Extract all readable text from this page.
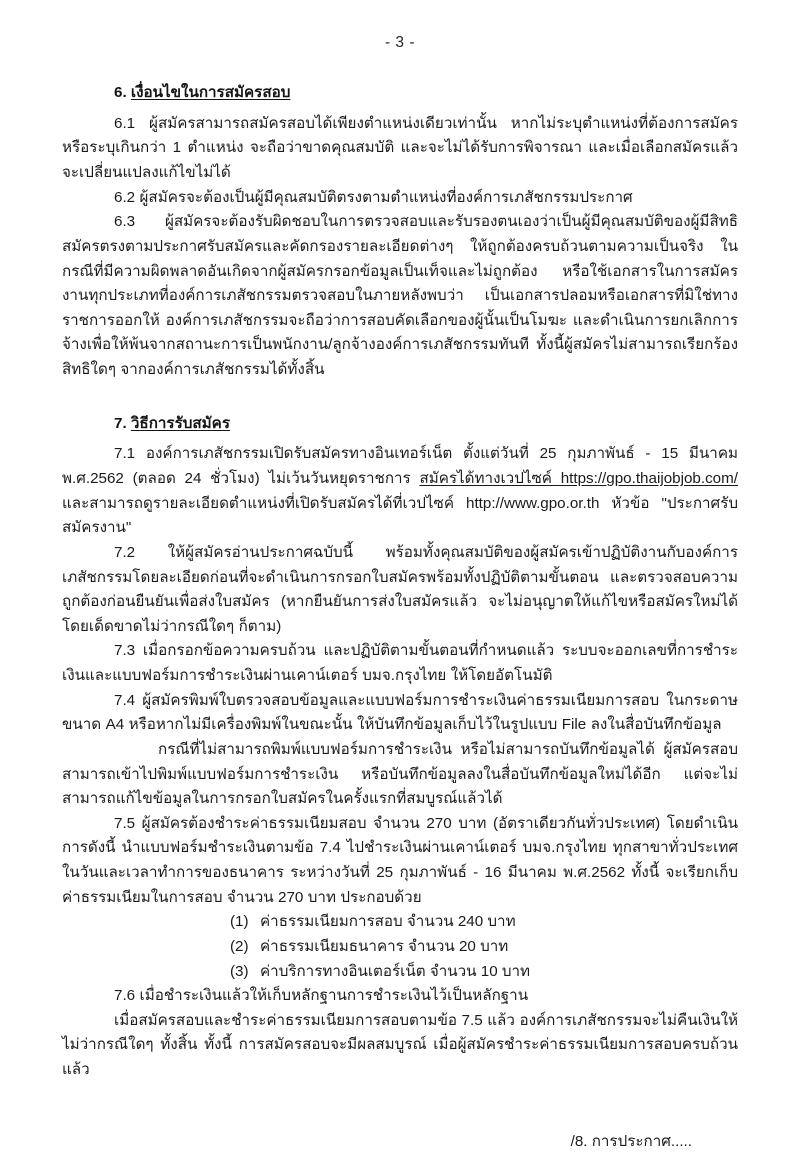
- 3 -
6. เงื่อนไขในการสมัครสอบ

6.1 ผู้สมัครสามารถสมัครสอบได้เพียงตำแหน่งเดียวเท่านั้น หากไม่ระบุตำแหน่งที่ต้องการสมัครหรือระบุเกินกว่า 1 ตำแหน่ง จะถือว่าขาดคุณสมบัติ และจะไม่ได้รับการพิจารณา และเมื่อเลือกสมัครแล้วจะเปลี่ยนแปลงแก้ไขไม่ได้

6.2 ผู้สมัครจะต้องเป็นผู้มีคุณสมบัติตรงตามตำแหน่งที่องค์การเภสัชกรรมประกาศ

6.3 ผู้สมัครจะต้องรับผิดชอบในการตรวจสอบและรับรองตนเองว่าเป็นผู้มีคุณสมบัติของผู้มีสิทธิสมัครตรงตามประกาศรับสมัครและคัดกรองรายละเอียดต่างๆ ให้ถูกต้องครบถ้วนตามความเป็นจริง ในกรณีที่มีความผิดพลาดอันเกิดจากผู้สมัครกรอกข้อมูลเป็นเท็จและไม่ถูกต้อง หรือใช้เอกสารในการสมัครงานทุกประเภทที่องค์การเภสัชกรรมตรวจสอบในภายหลังพบว่า เป็นเอกสารปลอมหรือเอกสารที่มิใช่ทางราชการออกให้ องค์การเภสัชกรรมจะถือว่าการสอบคัดเลือกของผู้นั้นเป็นโมฆะ และดำเนินการยกเลิกการจ้างเพื่อให้พ้นจากสถานะการเป็นพนักงาน/ลูกจ้างองค์การเภสัชกรรมทันที ทั้งนี้ผู้สมัครไม่สามารถเรียกร้องสิทธิใดๆ จากองค์การเภสัชกรรมได้ทั้งสิ้น

7. วิธีการรับสมัคร

7.1 องค์การเภสัชกรรมเปิดรับสมัครทางอินเทอร์เน็ต ตั้งแต่วันที่ 25 กุมภาพันธ์ - 15 มีนาคม พ.ศ.2562 (ตลอด 24 ชั่วโมง) ไม่เว้นวันหยุดราชการ สมัครได้ทางเวปไซค์ https://gpo.thaijobjob.com/ และสามารถดูรายละเอียดตำแหน่งที่เปิดรับสมัครได้ที่เวปไซค์ http://www.gpo.or.th หัวข้อ "ประกาศรับสมัครงาน"

7.2 ให้ผู้สมัครอ่านประกาศฉบับนี้ พร้อมทั้งคุณสมบัติของผู้สมัครเข้าปฏิบัติงานกับองค์การเภสัชกรรมโดยละเอียดก่อนที่จะดำเนินการกรอกใบสมัครพร้อมทั้งปฏิบัติตามขั้นตอน และตรวจสอบความถูกต้องก่อนยืนยันเพื่อส่งใบสมัคร (หากยืนยันการส่งใบสมัครแล้ว จะไม่อนุญาตให้แก้ไขหรือสมัครใหม่ได้โดยเด็ดขาดไม่ว่ากรณีใดๆ ก็ตาม)

7.3 เมื่อกรอกข้อความครบถ้วน และปฏิบัติตามขั้นตอนที่กำหนดแล้ว ระบบจะออกเลขที่การชำระเงินและแบบฟอร์มการชำระเงินผ่านเคาน์เตอร์ บมจ.กรุงไทย ให้โดยอัตโนมัติ

7.4 ผู้สมัครพิมพ์ใบตรวจสอบข้อมูลและแบบฟอร์มการชำระเงินค่าธรรมเนียมการสอบ ในกระดาษขนาด A4 หรือหากไม่มีเครื่องพิมพ์ในขณะนั้น ให้บันทึกข้อมูลเก็บไว้ในรูปแบบ File ลงในสื่อบันทึกข้อมูล

กรณีที่ไม่สามารถพิมพ์แบบฟอร์มการชำระเงิน หรือไม่สามารถบันทึกข้อมูลได้ ผู้สมัครสอบสามารถเข้าไปพิมพ์แบบฟอร์มการชำระเงิน หรือบันทึกข้อมูลลงในสื่อบันทึกข้อมูลใหม่ได้อีก แต่จะไม่สามารถแก้ไขข้อมูลในการกรอกใบสมัครในครั้งแรกที่สมบูรณ์แล้วได้

7.5 ผู้สมัครต้องชำระค่าธรรมเนียมสอบ จำนวน 270 บาท (อัตราเดียวกันทั่วประเทศ) โดยดำเนินการดังนี้ นำแบบฟอร์มชำระเงินตามข้อ 7.4 ไปชำระเงินผ่านเคาน์เตอร์ บมจ.กรุงไทย ทุกสาขาทั่วประเทศ ในวันและเวลาทำการของธนาคาร ระหว่างวันที่ 25 กุมภาพันธ์ - 16 มีนาคม พ.ศ.2562 ทั้งนี้ จะเรียกเก็บค่าธรรมเนียมในการสอบ จำนวน 270 บาท ประกอบด้วย

(1) ค่าธรรมเนียมการสอบ จำนวน 240 บาท
(2) ค่าธรรมเนียมธนาคาร จำนวน 20 บาท
(3) ค่าบริการทางอินเตอร์เน็ต จำนวน 10 บาท

7.6 เมื่อชำระเงินแล้วให้เก็บหลักฐานการชำระเงินไว้เป็นหลักฐาน

เมื่อสมัครสอบและชำระค่าธรรมเนียมการสอบตามข้อ 7.5 แล้ว องค์การเภสัชกรรมจะไม่คืนเงินให้ไม่ว่ากรณีใดๆ ทั้งสิ้น ทั้งนี้ การสมัครสอบจะมีผลสมบูรณ์ เมื่อผู้สมัครชำระค่าธรรมเนียมการสอบครบถ้วนแล้ว

/8. การประกาศ.....
